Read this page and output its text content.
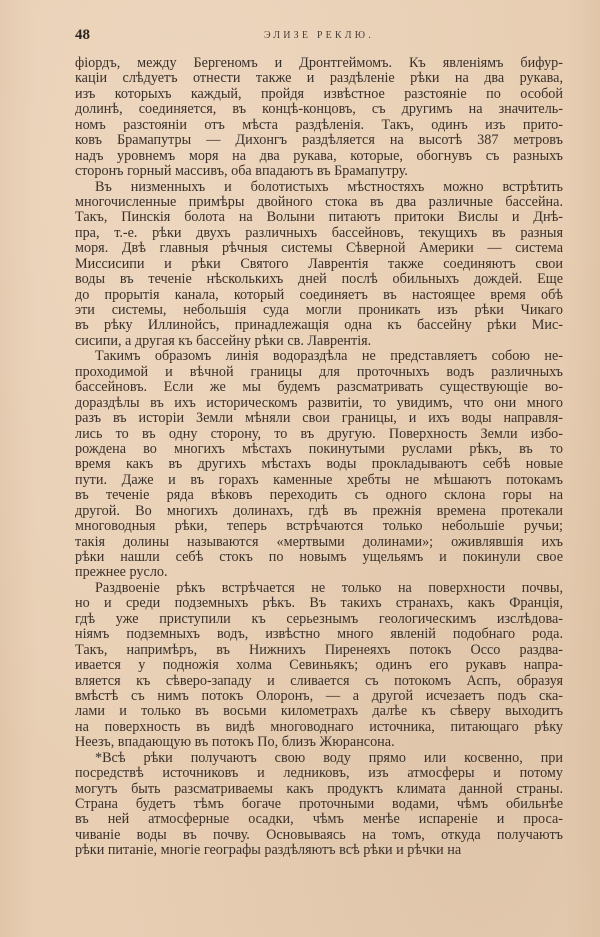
48	ЭЛИЗЕ РЕКЛЮ.
фіордъ, между Бергеномъ и Дронтгеймомъ. Къ явленіямъ бифур-
каціи слѣдуетъ отнести также и раздѣленіе рѣки на два рукава,
изъ которыхъ каждый, пройдя извѣстное разстояніе по особой
долинѣ, соединяется, въ концѣ-концовъ, съ другимъ на значитель-
номъ разстояніи отъ мѣста раздѣленія. Такъ, одинъ изъ прито-
ковъ Брамапутры — Дихонгъ раздѣляется на высотѣ 387 метровъ
надъ уровнемъ моря на два рукава, которые, обогнувъ съ разныхъ
сторонъ горный массивъ, оба впадаютъ въ Брамапутру.
Въ низменныхъ и болотистыхъ мѣстностяхъ можно встрѣтить
многочисленные примѣры двойного стока въ два различные бассейна.
Такъ, Пинскія болота на Волыни питаютъ притоки Вислы и Днѣ-
пра, т.-е. рѣки двухъ различныхъ бассейновъ, текущихъ въ разныя
моря. Двѣ главныя рѣчныя системы Сѣверной Америки — система
Миссисипи и рѣки Святого Лаврентія также соединяютъ свои
воды въ теченіе нѣсколькихъ дней послѣ обильныхъ дождей. Еще
до прорытія канала, который соединяетъ въ настоящее время обѣ
эти системы, небольшія суда могли проникать изъ рѣки Чикаго
въ рѣку Иллинойсъ, принадлежащія одна къ бассейну рѣки Мис-
сисипи, а другая къ бассейну рѣки св. Лаврентія.
Такимъ образомъ линія водораздѣла не представляетъ собою не-
проходимой и вѣчной границы для проточныхъ водъ различныхъ
бассейновъ. Если же мы будемъ разсматривать существующіе во-
дораздѣлы въ ихъ историческомъ развитіи, то увидимъ, что они много
разъ въ исторіи Земли мѣняли свои границы, и ихъ воды направля-
лись то въ одну сторону, то въ другую. Поверхность Земли избо-
рождена во многихъ мѣстахъ покинутыми руслами рѣкъ, въ то
время какъ въ другихъ мѣстахъ воды прокладываютъ себѣ новые
пути. Даже и въ горахъ каменные хребты не мѣшаютъ потокамъ
въ теченіе ряда вѣковъ переходить съ одного склона горы на
другой. Во многихъ долинахъ, гдѣ въ прежнія времена протекали
многоводныя рѣки, теперь встрѣчаются только небольшіе ручьи;
такія долины называются «мертвыми долинами»; оживлявшія ихъ
рѣки нашли себѣ стокъ по новымъ ущельямъ и покинули свое
прежнее русло.
Раздвоеніе рѣкъ встрѣчается не только на поверхности почвы,
но и среди подземныхъ рѣкъ. Въ такихъ странахъ, какъ Франція,
гдѣ уже приступили къ серьезнымъ геологическимъ изслѣдова-
ніямъ подземныхъ водъ, извѣстно много явленій подобнаго рода.
Такъ, напримѣръ, въ Нижнихъ Пиренеяхъ потокъ Оссо раздва-
ивается у подножія холма Севиньякъ; одинъ его рукавъ напра-
вляется къ сѣверо-западу и сливается съ потокомъ Аспъ, образуя
вмѣстѣ съ нимъ потокъ Олоронъ, — а другой исчезаетъ подъ ска-
лами и только въ восьми километрахъ далѣе къ сѣверу выходитъ
на поверхность въ видѣ многоводнаго источника, питающаго рѣку
Неезъ, впадающую въ потокъ По, близъ Жюрансона.
*Всѣ рѣки получаютъ свою воду прямо или косвенно, при
посредствѣ источниковъ и ледниковъ, изъ атмосферы и потому
могутъ быть разсматриваемы какъ продуктъ климата данной страны.
Страна будетъ тѣмъ богаче проточными водами, чѣмъ обильнѣе
въ ней атмосферные осадки, чѣмъ менѣе испареніе и проса-
чиваніе воды въ почву. Основываясь на томъ, откуда получаютъ
рѣки питаніе, многіе географы раздѣляютъ всѣ рѣки и рѣчки на
